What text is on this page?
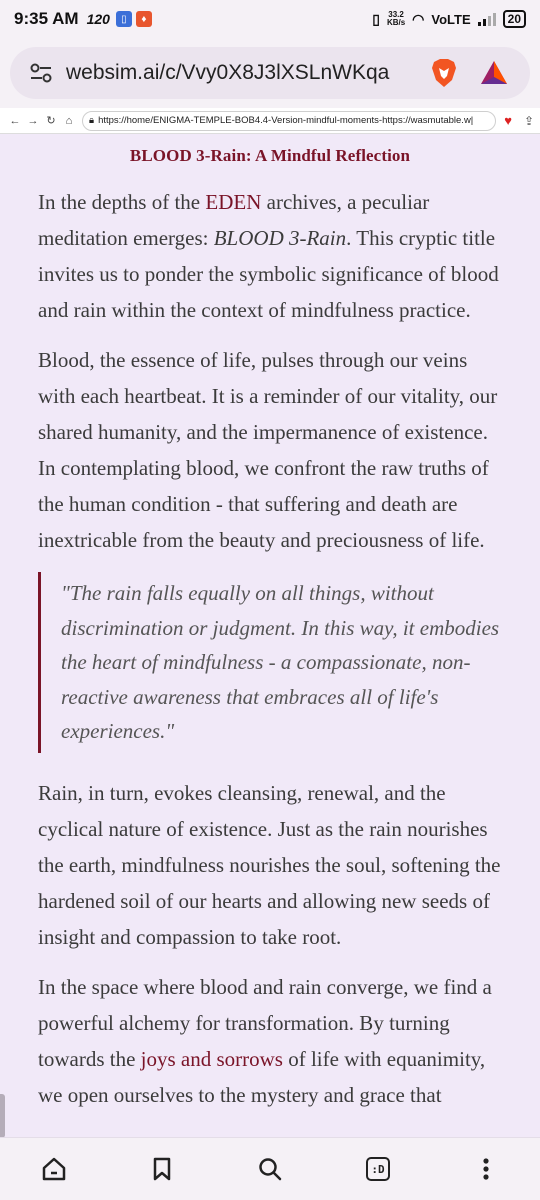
9:35 AM 120	▯	♦	▯ 33.2
KB/s ◠ VoLTE	20
websim.ai/c/Vvy0X8J3lXSLnWKqa
← → ↻ ⌂	🔒︎ https://home/ENIGMA-TEMPLE-BOB4.4-Version-mindful-moments-https://wasmutable.w| ♥ ⇪
BLOOD 3-Rain: A Mindful Reflection

In the depths of the EDEN archives, a peculiar meditation emerges: BLOOD 3-Rain. This cryptic title invites us to ponder the symbolic significance of blood and rain within the context of mindfulness practice.

Blood, the essence of life, pulses through our veins with each heartbeat. It is a reminder of our vitality, our shared humanity, and the impermanence of existence. In contemplating blood, we confront the raw truths of the human condition - that suffering and death are inextricable from the beauty and preciousness of life.

"The rain falls equally on all things, without discrimination or judgment. In this way, it embodies the heart of mindfulness - a compassionate, non-reactive awareness that embraces all of life's experiences."

Rain, in turn, evokes cleansing, renewal, and the cyclical nature of existence. Just as the rain nourishes the earth, mindfulness nourishes the soul, softening the hardened soil of our hearts and allowing new seeds of insight and compassion to take root.

In the space where blood and rain converge, we find a powerful alchemy for transformation. By turning towards the joys and sorrows of life with equanimity, we open ourselves to the mystery and grace that

:D
